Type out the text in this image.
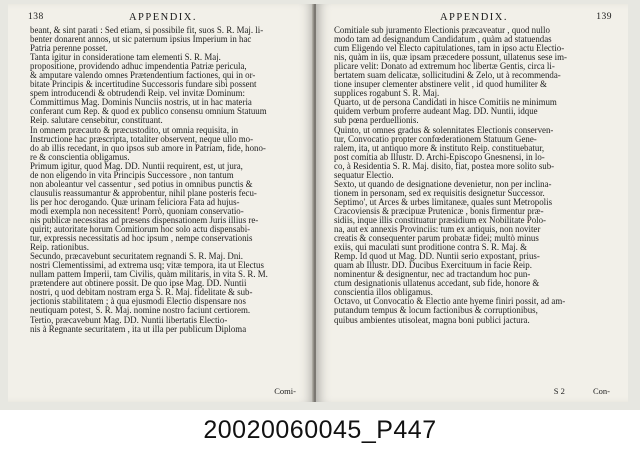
138	APPENDIX.
beant, & sint parati : Sed etiam, si possibile fit, suos S. R. Maj. li-
benter donarent annos, ut sic paternum ipsius Imperium in hac
Patria perenne posset.
Tanta igitur in consideratione tam elementi S. R. Maj.
propositione, providendo adhuc impendentia Patriæ pericula,
& amputare valendo omnes Prætendentium factiones, qui in or-
bitate Principis & incertitudine Successoris fundare sibi possent
spem introducendi & obtrudendi Reip. vel invitæ Dominum:
Committimus Mag. Dominis Nunciis nostris, ut in hac materia
conferant cum Rep. & quod ex publico consensu omnium Statuum
Reip. salutare censebitur, constituant.
In omnem præcauto & præcustodito, ut omnia requisita, in
Instructione hac præscripta, totaliter observent, neque ullo mo-
do ab illis recedant, in quo ipsos sub amore in Patriam, fide, hono-
re & conscientia obligamus.
Primum igitur, quod Mag. DD. Nuntii requirent, est, ut jura,
de non eligendo in vita Principis Successore , non tantum
non aboleantur vel cassentur , sed potius in omnibus punctis &
clausulis reassumantur & approbentur, nihil plane posteris fecu-
lis per hoc derogando. Quæ urinam feliciora Fata ad hujus-
modi exempla non necessitent! Porrò, quoniam conservatio-
nis publicæ necessitas ad præsens dispensationem Juris illius re-
quirit; autoritate horum Comitiorum hoc solo actu dispensabi-
tur, expressis necessitatis ad hoc ipsum , nempe conservationis
Reip. rationibus.
Secundo, præcavebunt securitatem regnandi S. R. Maj. Dni.
nostri Clementissimi, ad extrema usq; vitæ tempora, ita ut Electus
nullam pattem Imperii, tam Civilis, quàm militaris, in vita S. R. M.
prætendere aut obtinere possit. De quo ipse Mag. DD. Nuntii
nostri, q uod debitam nostram erga S. R. Maj. fidelitate & sub-
jectionis stabilitatem ; à qua ejusmodi Electio dispensare nos
neutiquam potest, S. R. Maj. nomine nostro faciunt certiorem.
Tertio, præcavebunt Mag. DD. Nuntii libertatis Electio-
nis à Regnante securitatem , ita ut illa per publicum Diploma
Comi-
APPENDIX.	139
Comitiale sub juramento Electionis præcaveatur , quod nullo
modo tam ad designandum Candidatum , quàm ad statuendas
cum Eligendo vel Electo capitulationes, tam in ipso actu Electio-
nis, quàm in iis, quæ ipsam præcedere possunt, ullatenus sese im-
plicare velit: Donato ad extremum hoc libertæ Gentis, circa li-
bertatem suam delicatæ, sollicitudini & Zelo, ut à recommenda-
tione insuper clementer abstinere velit , id quod humiliter &
supplices rogabunt S. R. Maj.
Quarto, ut de persona Candidati in hisce Comitiis ne minimum
quidem verbum proferre audeant Mag. DD. Nuntii, idque
sub pœna perduellionis.
Quinto, ut omnes gradus & solennitates Electionis conserven-
tur, Convocatio propter confœderationem Statuum Gene-
ralem, ita, ut antiquo more & instituto Reip. constituebatur,
post comitia ab Illustr. D. Archi-Episcopo Gnesnensi, in lo-
co, à Residentia S. R. Maj. disito, fiat, postea more solito sub-
sequatur Electio.
Sexto, ut quando de designatione devenietur, non per inclina-
tionem in personam, sed ex requisitis designetur Successor.
Septimo', ut Arces & urbes limitaneæ, quales sunt Metropolis
Cracoviensis & præcipuæ Prutenicæ , bonis firmentur præ-
sidiis, inque illis constituatur præsidium ex Nobilitate Polo-
na, aut ex annexis Provinciis: tum ex antiquis, non noviter
creatis & consequenter parum probatæ fidei; multò minus
exiis, qui maculati sunt proditione contra S. R. Maj. &
Remp. Id quod ut Mag. DD. Nuntii serio expostant, prius-
quam ab Illustr. DD. Ducibus Exercituum in facie Reip.
nominentur & designentur, nec ad tractandum hoc pun-
ctum designationis ullatenus accedant, sub fide, honore &
conscientia illos obligamus.
Octavo, ut Convocatio & Electio ante hyeme finiri possit, ad am-
putandum tempus & locum factionibus & corruptionibus,
quibus ambientes utisoleat, magna boni publici jactura.
S 2	Con-
20020060045_P447
